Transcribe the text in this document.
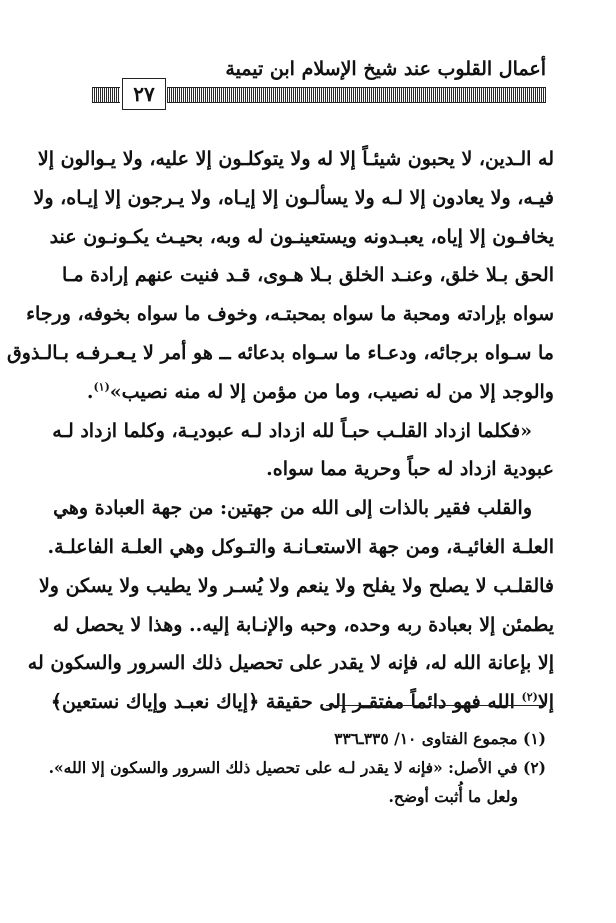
أعمال القلوب عند شيخ الإسلام ابن تيمية
٢٧
له الـدين، لا يحبون شيئـاً إلا له ولا يتوكلـون إلا عليه، ولا يـوالون إلا
فيـه، ولا يعادون إلا لـه ولا يسألـون إلا إيـاه، ولا يـرجون إلا إيـاه، ولا
يخافـون إلا إياه، يعبـدونه ويستعينـون له وبه، بحيـث يكـونـون عند
الحق بـلا خلق، وعنـد الخلق بـلا هـوى، قـد فنيت عنهم إرادة مـا
سواه بإرادته ومحبة ما سواه بمحبتـه، وخوف ما سواه بخوفه، ورجاء
ما سـواه برجائه، ودعـاء ما سـواه بدعائه ــ هو أمر لا يـعـرفـه بـالـذوق
والوجد إلا من له نصيب، وما من مؤمن إلا له منه نصيب»$^{(١)}$.
«فكلما ازداد القلـب حبـاً لله ازداد لـه عبوديـة، وكلما ازداد لـه
عبودية ازداد له حباً وحرية مما سواه.
والقلب فقير بالذات إلى الله من جهتين: من جهة العبادة وهي
العلـة الغائيـة، ومن جهة الاستعـانـة والتـوكل وهي العلـة الفاعلـة.
فالقلـب لا يصلح ولا يفلح ولا ينعم ولا يُسـر ولا يطيب ولا يسكن ولا
يطمئن إلا بعبادة ربه وحده، وحبه والإنـابة إليه.. وهذا لا يحصل له
إلا بإعانة الله له، فإنه لا يقدر على تحصيل ذلك السرور والسكون له
إلا$^{(٢)}$ الله فهو دائماً مفتقـر إلى حقيقة ﴿إياك نعبـد وإياك نستعين﴾
(١) مجموع الفتاوى ١٠/ ٣٣٥ـ٣٣٦
(٢) في الأصل: «فإنه لا يقدر لـه على تحصيل ذلك السرور والسكون إلا الله».
ولعل ما أُثبت أوضح.
